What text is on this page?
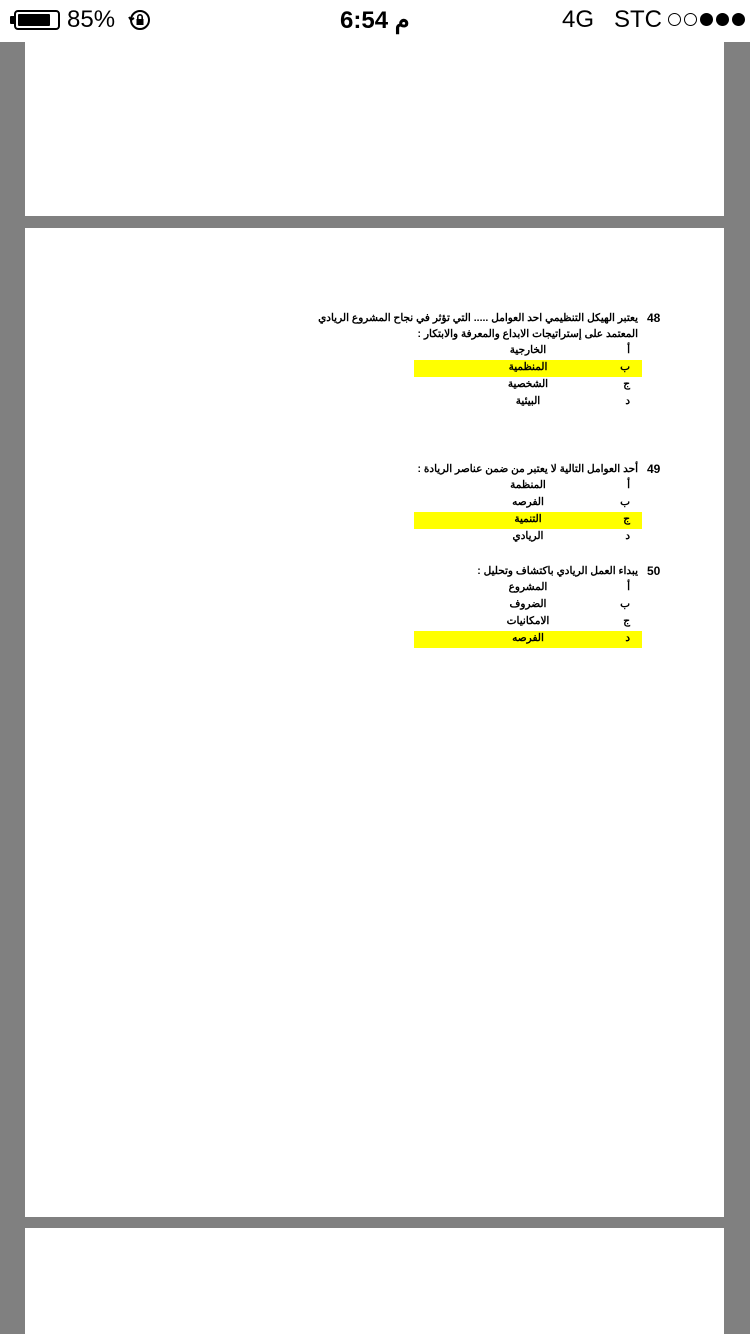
85%	6:54 م	4G STC
48
يعتبر الهيكل التنظيمي احد العوامل ..... التي تؤثر في نجاح المشروع الريادي
المعتمد على إستراتيجات الابداع والمعرفة والابتكار :
الخارجية	أ
المنظمية	ب
الشخصية	ج
البيئية	د
49
أحد العوامل التالية لا يعتبر من ضمن عناصر الريادة :
المنظمة	أ
الفرصه	ب
التنمية	ج
الريادي	د
50
يبداء العمل الريادي باكتشاف وتحليل :
المشروع	أ
الضروف	ب
الامكانيات	ج
الفرصه	د
